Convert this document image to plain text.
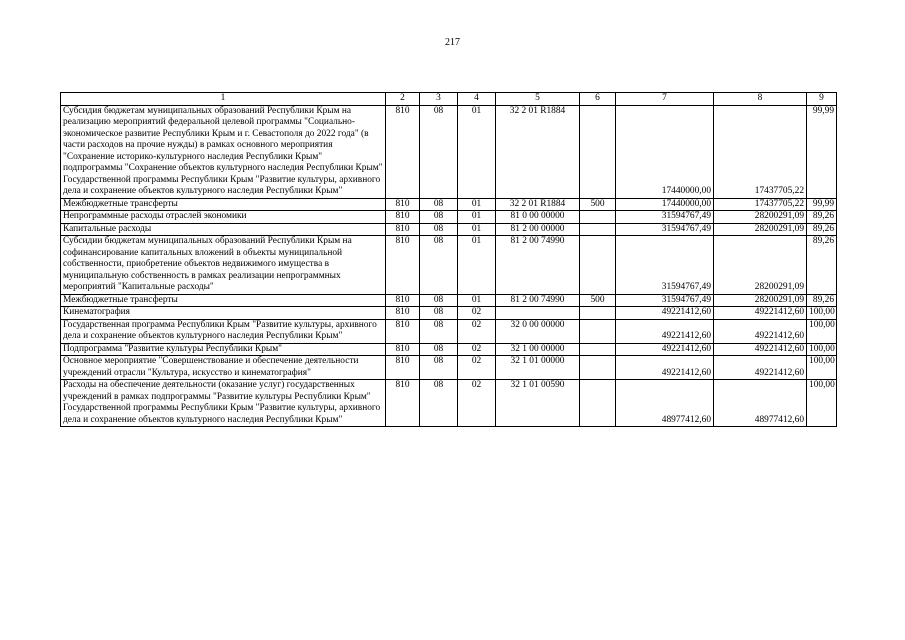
217
1	2	3	4	5	6	7	8	9
Субсидия бюджетам муниципальных образований Республики Крым на реализацию мероприятий федеральной целевой программы "Социально-экономическое развитие Республики Крым и г. Севастополя до 2022 года" (в части расходов на прочие нужды) в рамках основного мероприятия "Сохранение историко-культурного наследия Республики Крым" подпрограммы "Сохранение объектов культурного наследия Республики Крым" Государственной программы Республики Крым "Развитие культуры, архивного дела и сохранение объектов культурного наследия Республики Крым"	810	08	01	32 2 01 R1884		17440000,00	17437705,22	99,99
Межбюджетные трансферты	810	08	01	32 2 01 R1884	500	17440000,00	17437705,22	99,99
Непрограммные расходы отраслей экономики	810	08	01	81 0 00 00000		31594767,49	28200291,09	89,26
Капитальные расходы	810	08	01	81 2 00 00000		31594767,49	28200291,09	89,26
Субсидии бюджетам муниципальных образований Республики Крым на софинансирование капитальных вложений в объекты муниципальной собственности, приобретение объектов недвижимого имущества в муниципальную собственность в рамках реализации непрограммных мероприятий "Капитальные расходы"	810	08	01	81 2 00 74990		31594767,49	28200291,09	89,26
Межбюджетные трансферты	810	08	01	81 2 00 74990	500	31594767,49	28200291,09	89,26
Кинематография	810	08	02			49221412,60	49221412,60	100,00
Государственная программа Республики Крым "Развитие культуры, архивного дела и сохранение объектов культурного наследия Республики Крым"	810	08	02	32 0 00 00000		49221412,60	49221412,60	100,00
Подпрограмма "Развитие культуры Республики Крым"	810	08	02	32 1 00 00000		49221412,60	49221412,60	100,00
Основное мероприятие "Совершенствование и обеспечение деятельности учреждений отрасли "Культура, искусство и кинематография"	810	08	02	32 1 01 00000		49221412,60	49221412,60	100,00
Расходы на обеспечение деятельности (оказание услуг) государственных учреждений в рамках подпрограммы "Развитие культуры Республики Крым" Государственной программы Республики Крым "Развитие культуры, архивного дела и сохранение объектов культурного наследия Республики Крым"	810	08	02	32 1 01 00590		48977412,60	48977412,60	100,00
